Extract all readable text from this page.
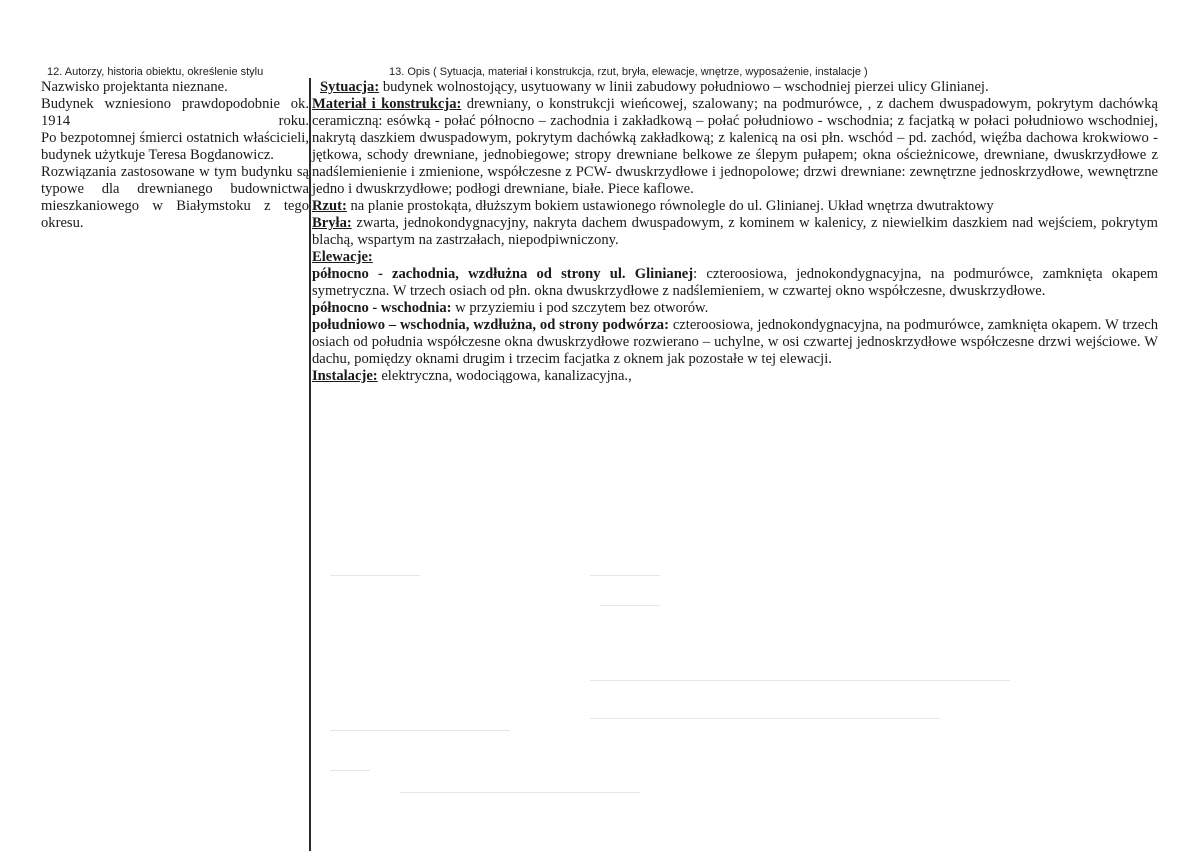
12. Autorzy, historia obiektu, określenie stylu	13. Opis ( Sytuacja, materiał i konstrukcja, rzut, bryła, elewacje, wnętrze, wyposażenie, instalacje )
Nazwisko projektanta nieznane.
Budynek wzniesiono prawdopodobnie ok. 1914 roku.
Po bezpotomnej śmierci ostatnich właścicieli, budynek użytkuje Teresa Bogdanowicz.
Rozwiązania zastosowane w tym budynku są typowe dla drewnianego budownictwa mieszkaniowego w Białymstoku z tego okresu.
Sytuacja: budynek wolnostojący, usytuowany w linii zabudowy południowo – wschodniej pierzei ulicy Glinianej.
Materiał i konstrukcja: drewniany, o konstrukcji wieńcowej, szalowany; na podmurówce, , z dachem dwuspadowym, pokrytym dachówką ceramiczną: esówką - połać północno – zachodnia i zakładkową – połać południowo - wschodnia; z facjatką w połaci południowo wschodniej, nakrytą daszkiem dwuspadowym, pokrytym dachówką zakładkową; z kalenicą na osi płn. wschód – pd. zachód, więźba dachowa krokwiowo - jętkowa, schody drewniane, jednobiegowe; stropy drewniane belkowe ze ślepym pułapem; okna ościeżnicowe, drewniane, dwuskrzydłowe z nadślemienienie i zmienione, współczesne z PCW- dwuskrzydłowe i jednopolowe; drzwi drewniane: zewnętrzne jednoskrzydłowe, wewnętrzne jedno i dwuskrzydłowe; podłogi drewniane, białe. Piece kaflowe.
Rzut: na planie prostokąta, dłuższym bokiem ustawionego równolegle do ul. Glinianej. Układ wnętrza dwutraktowy
Bryła: zwarta, jednokondygnacyjny, nakryta dachem dwuspadowym, z kominem w kalenicy, z niewielkim daszkiem nad wejściem, pokrytym blachą, wspartym na zastrzałach, niepodpiwniczony.
Elewacje:
północno - zachodnia, wzdłużna od strony ul. Glinianej: czteroosiowa, jednokondygnacyjna, na podmurówce, zamknięta okapem symetryczna. W trzech osiach od płn. okna dwuskrzydłowe z nadślemieniem, w czwartej okno współczesne, dwuskrzydłowe.
północno - wschodnia: w przyziemiu i pod szczytem bez otworów.
południowo – wschodnia, wzdłużna, od strony podwórza: czteroosiowa, jednokondygnacyjna, na podmurówce, zamknięta okapem. W trzech osiach od południa współczesne okna dwuskrzydłowe rozwierano – uchylne, w osi czwartej jednoskrzydłowe współczesne drzwi wejściowe. W dachu, pomiędzy oknami drugim i trzecim facjatka z oknem jak pozostałe w tej elewacji.
Instalacje: elektryczna, wodociągowa, kanalizacyjna.,
